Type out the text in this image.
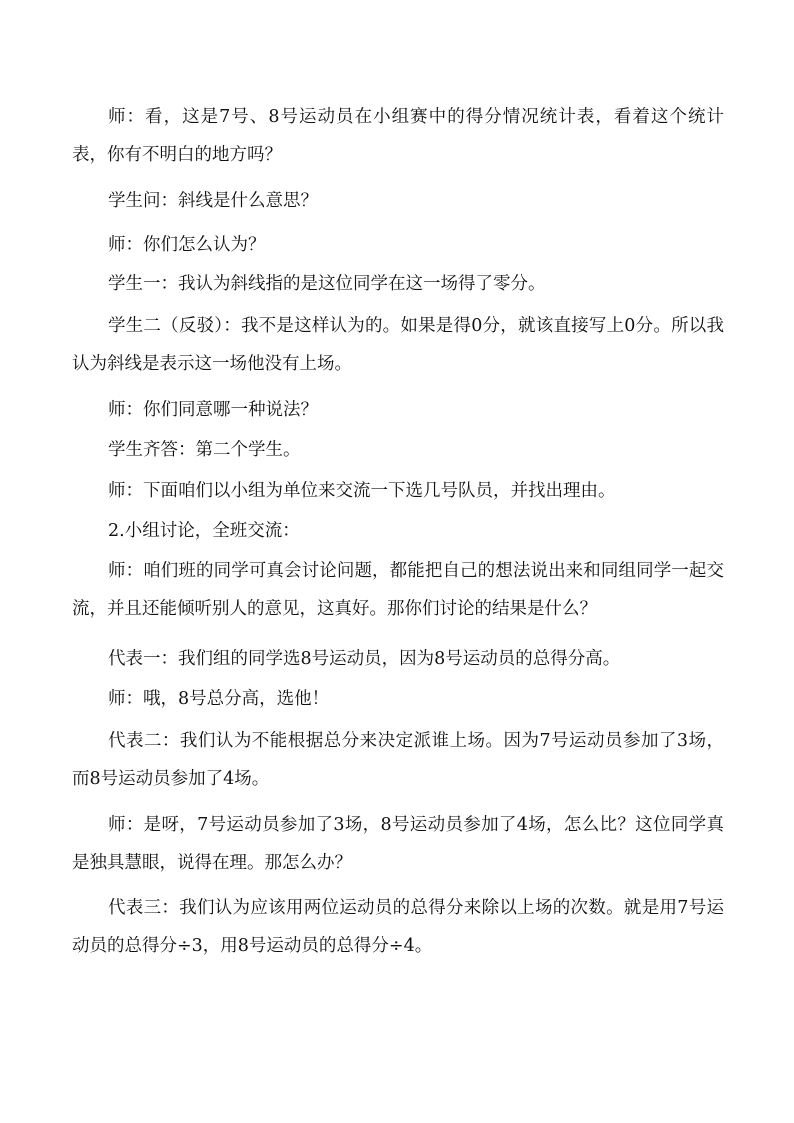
师：看，这是7号、8号运动员在小组赛中的得分情况统计表，看着这个统计表，你有不明白的地方吗？

学生问：斜线是什么意思？

师：你们怎么认为？

学生一：我认为斜线指的是这位同学在这一场得了零分。

学生二（反驳）：我不是这样认为的。如果是得0分，就该直接写上0分。所以我认为斜线是表示这一场他没有上场。

师：你们同意哪一种说法？

学生齐答：第二个学生。

师：下面咱们以小组为单位来交流一下选几号队员，并找出理由。

2.小组讨论，全班交流：

师：咱们班的同学可真会讨论问题，都能把自己的想法说出来和同组同学一起交流，并且还能倾听别人的意见，这真好。那你们讨论的结果是什么？

代表一：我们组的同学选8号运动员，因为8号运动员的总得分高。

师：哦，8号总分高，选他！

代表二：我们认为不能根据总分来决定派谁上场。因为7号运动员参加了3场，而8号运动员参加了4场。

师：是呀，7号运动员参加了3场，8号运动员参加了4场，怎么比？这位同学真是独具慧眼，说得在理。那怎么办？

代表三：我们认为应该用两位运动员的总得分来除以上场的次数。就是用7号运动员的总得分÷3，用8号运动员的总得分÷4。
